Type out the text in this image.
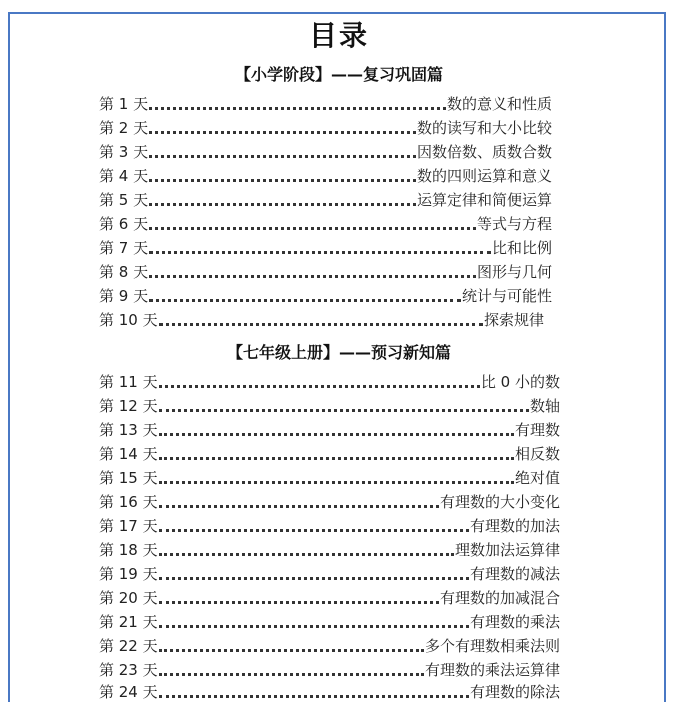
目录
【小学阶段】——复习巩固篇
【七年级上册】——预习新知篇
第 1 天	数的意义和性质
第 2 天	数的读写和大小比较
第 3 天	因数倍数、质数合数
第 4 天	数的四则运算和意义
第 5 天	运算定律和简便运算
第 6 天	等式与方程
第 7 天	比和比例
第 8 天	图形与几何
第 9 天	统计与可能性
第 10 天	探索规律
第 11 天	比 0 小的数
第 12 天	数轴
第 13 天	有理数
第 14 天	相反数
第 15 天	绝对值
第 16 天	有理数的大小变化
第 17 天	有理数的加法
第 18 天	理数加法运算律
第 19 天	有理数的减法
第 20 天	有理数的加减混合
第 21 天	有理数的乘法
第 22 天	多个有理数相乘法则
第 23 天	有理数的乘法运算律
第 24 天	有理数的除法
